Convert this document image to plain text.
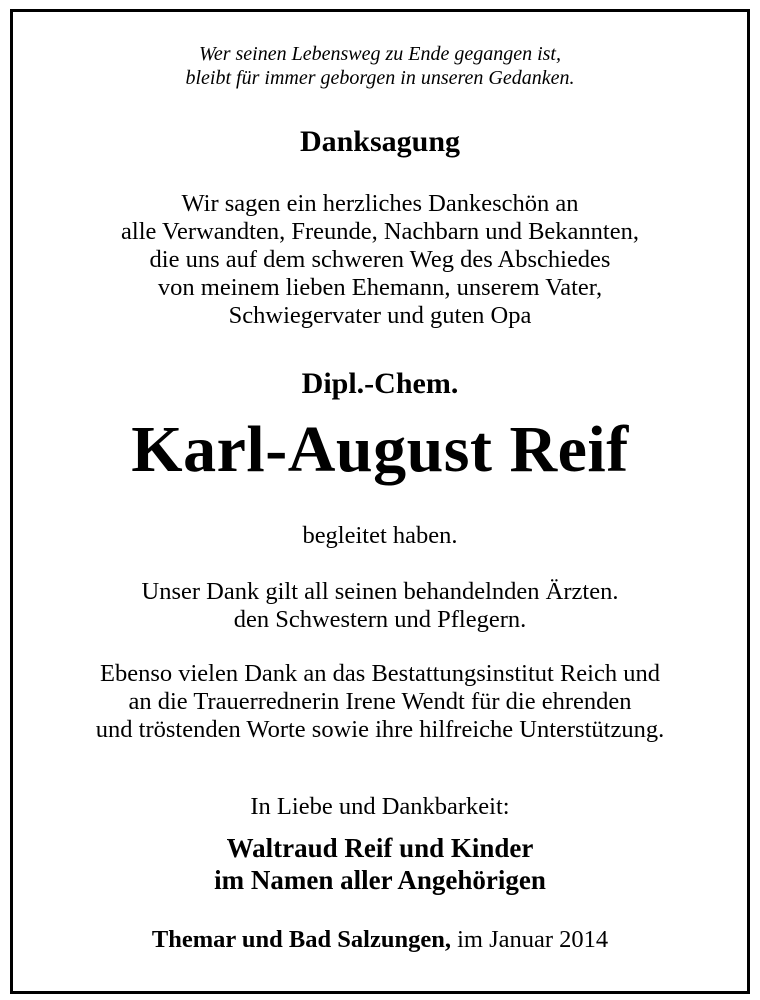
Wer seinen Lebensweg zu Ende gegangen ist,
bleibt für immer geborgen in unseren Gedanken.
Danksagung
Wir sagen ein herzliches Dankeschön an
alle Verwandten, Freunde, Nachbarn und Bekannten,
die uns auf dem schweren Weg des Abschiedes
von meinem lieben Ehemann, unserem Vater,
Schwiegervater und guten Opa
Dipl.-Chem.
Karl-August Reif
begleitet haben.
Unser Dank gilt all seinen behandelnden Ärzten.
den Schwestern und Pflegern.
Ebenso vielen Dank an das Bestattungsinstitut Reich und
an die Trauerrednerin Irene Wendt für die ehrenden
und tröstenden Worte sowie ihre hilfreiche Unterstützung.
In Liebe und Dankbarkeit:
Waltraud Reif und Kinder
im Namen aller Angehörigen
Themar und Bad Salzungen, im Januar 2014
